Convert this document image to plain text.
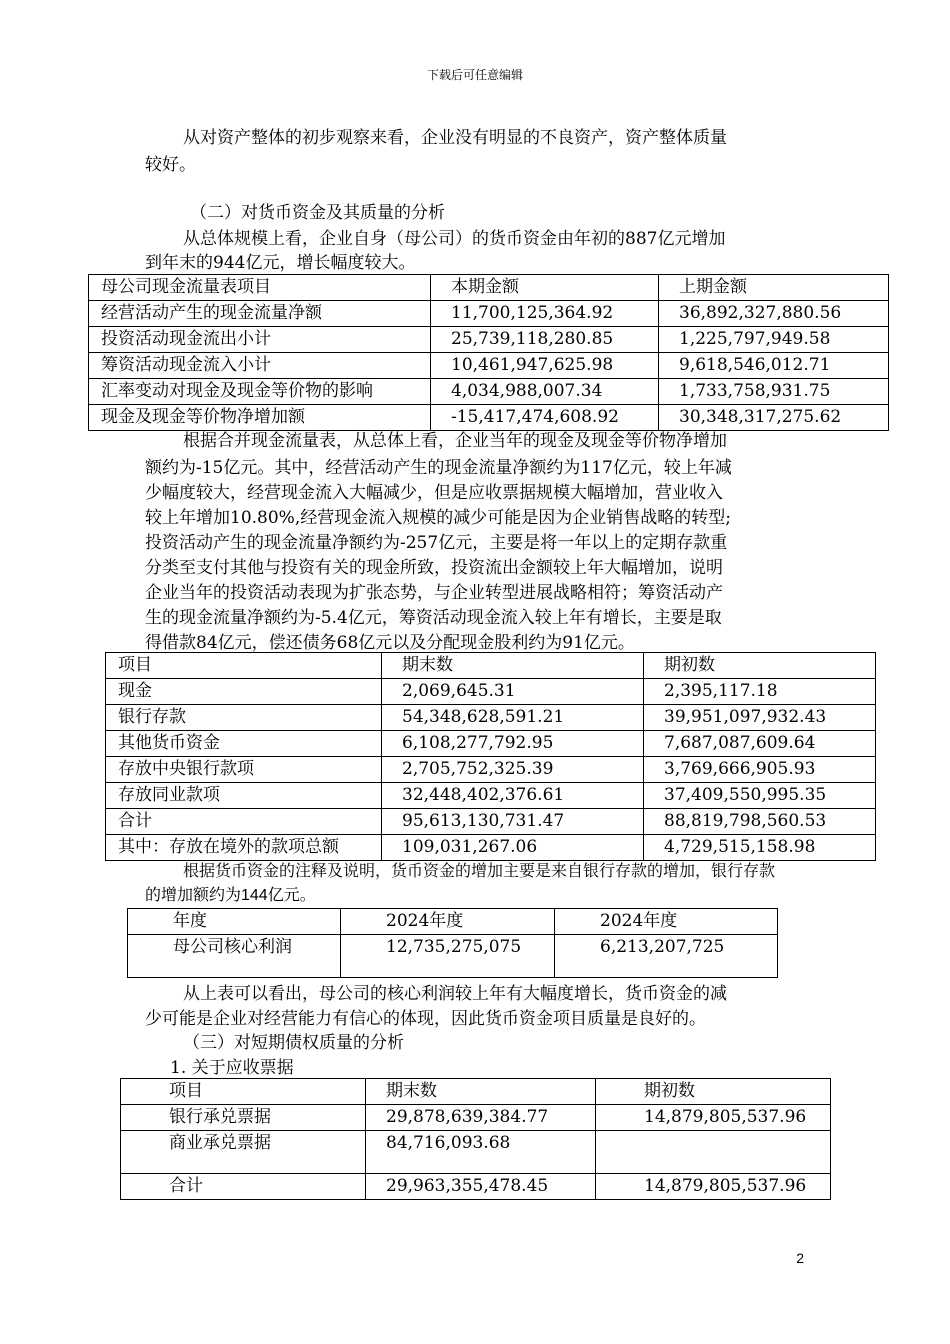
下载后可任意编辑
从对资产整体的初步观察来看，企业没有明显的不良资产，资产整体质量
较好。
（二）对货币资金及其质量的分析
从总体规模上看，企业自身（母公司）的货币资金由年初的887亿元增加
到年末的944亿元，增长幅度较大。
母公司现金流量表项目	本期金额	上期金额
经营活动产生的现金流量净额	11,700,125,364.92	36,892,327,880.56
投资活动现金流出小计	25,739,118,280.85	1,225,797,949.58
筹资活动现金流入小计	10,461,947,625.98	9,618,546,012.71
汇率变动对现金及现金等价物的影响	4,034,988,007.34	1,733,758,931.75
现金及现金等价物净增加额	-15,417,474,608.92	30,348,317,275.62
根据合并现金流量表，从总体上看，企业当年的现金及现金等价物净增加
额约为-15亿元。其中，经营活动产生的现金流量净额约为117亿元，较上年减
少幅度较大，经营现金流入大幅减少，但是应收票据规模大幅增加，营业收入
较上年增加10.80%,经营现金流入规模的减少可能是因为企业销售战略的转型;
投资活动产生的现金流量净额约为-257亿元，主要是将一年以上的定期存款重
分类至支付其他与投资有关的现金所致，投资流出金额较上年大幅增加，说明
企业当年的投资活动表现为扩张态势，与企业转型进展战略相符；筹资活动产
生的现金流量净额约为-5.4亿元，筹资活动现金流入较上年有增长，主要是取
得借款84亿元，偿还债务68亿元以及分配现金股利约为91亿元。
项目	期末数	期初数
现金	2,069,645.31	2,395,117.18
银行存款	54,348,628,591.21	39,951,097,932.43
其他货币资金	6,108,277,792.95	7,687,087,609.64
存放中央银行款项	2,705,752,325.39	3,769,666,905.93
存放同业款项	32,448,402,376.61	37,409,550,995.35
合计	95,613,130,731.47	88,819,798,560.53
其中：存放在境外的款项总额	109,031,267.06	4,729,515,158.98
根据货币资金的注释及说明，货币资金的增加主要是来自银行存款的增加，银行存款
的增加额约为144亿元。
年度	2024年度	2024年度
母公司核心利润	12,735,275,075	6,213,207,725
从上表可以看出，母公司的核心利润较上年有大幅度增长，货币资金的减
少可能是企业对经营能力有信心的体现，因此货币资金项目质量是良好的。
（三）对短期债权质量的分析
1. 关于应收票据
项目	期末数	期初数
银行承兑票据	29,878,639,384.77	14,879,805,537.96
商业承兑票据	84,716,093.68	
合计	29,963,355,478.45	14,879,805,537.96
2
